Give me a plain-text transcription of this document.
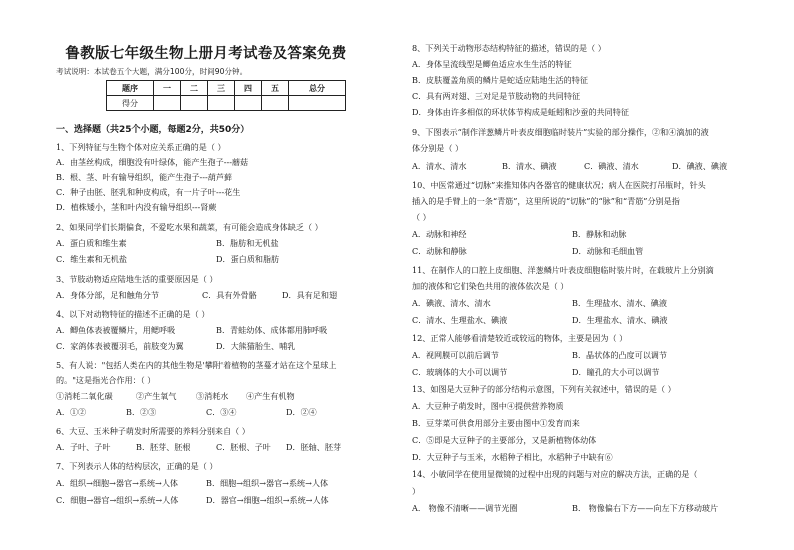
鲁教版七年级生物上册月考试卷及答案免费
考试说明：本试卷五个大题，满分100分，时间90分钟。
题序	一	二	三	四	五	总分
得分						
一、选择题（共25个小题，每题2分，共50分）
1、下列特征与生物个体对应关系正确的是（ ）
A．由茎丝构成，细胞没有叶绿体，能产生孢子---蘑菇
B．根、茎、叶有输导组织，能产生孢子---葫芦藓
C．种子由胚、胚乳和种皮构成，有一片子叶---花生
D．植株矮小，茎和叶内没有输导组织---肾蕨
2、如果同学们长期偏食，不爱吃水果和蔬菜，有可能会造成身体缺乏（ ）
A．蛋白质和维生素	B．脂肪和无机盐
C．维生素和无机盐	D．蛋白质和脂肪
3、节肢动物适应陆地生活的重要原因是（ ）
A．身体分部，足和触角分节	C．具有外骨骼	D．具有足和翅
4、以下对动物特征的描述不正确的是（ ）
A．鲫鱼体表被覆鳞片，用鳃呼吸	B．青蛙幼体、成体都用肺呼吸
C．家鸽体表被覆羽毛，前肢变为翼	D．大熊猫胎生、哺乳
5、有人说："包括人类在内的其他生物是'攀附'着植物的茎蔓才站在这个星球上
的。"这是指光合作用：（ ）
①消耗二氧化碳	②产生氧气 ③消耗水 ④产生有机物
A．①②	B．②③	C．③④	D．②④
6、大豆、玉米种子萌发时所需要的养料分别来自（ ）
A．子叶、子叶	B．胚芽、胚根	C．胚根、子叶 D．胚轴、胚芽
7、下列表示人体的结构层次，正确的是（ ）
A．组织→细胞→器官→系统→人体	B．细胞→组织→器官→系统→人体
C．细胞→器官→组织→系统→人体	D．器官→细胞→组织→系统→人体
8、下列关于动物形态结构特征的描述，错误的是（ ）
A．身体呈流线型是鲫鱼适应水生生活的特征
B．皮肤覆盖角质的鳞片是蛇适应陆地生活的特征
C．具有两对翅、三对足是节肢动物的共同特征
D．身体由许多相似的环状体节构成是蚯蚓和沙蚕的共同特征
9、下图表示“制作洋葱鳞片叶表皮细胞临时装片”实验的部分操作，②和④滴加的液
体分别是（ ）
A．清水、清水	B．清水、碘液	C．碘液、清水	D．碘液、碘液
10、中医常通过“切脉”来推知体内各器官的健康状况；病人在医院打吊瓶时，针头
插入的是手臂上的一条“青筋”，这里所说的“切脉”的“脉”和“青筋”分别是指
（ ）
A．动脉和神经	B．静脉和动脉
C．动脉和静脉	D．动脉和毛细血管
11、在制作人的口腔上皮细胞、洋葱鳞片叶表皮细胞临时装片时，在载玻片上分别滴
加的液体和它们染色共用的液体依次是（ ）
A．碘液、清水、清水	B．生理盐水、清水、碘液
C．清水、生理盐水、碘液	D．生理盐水、清水、碘液
12、正常人能够看清楚较近或较远的物体，主要是因为（ ）
A．视网膜可以前后调节	B．晶状体的凸度可以调节
C．玻璃体的大小可以调节	D．瞳孔的大小可以调节
13、如图是大豆种子的部分结构示意图，下列有关叙述中，错误的是（ ）
A．大豆种子萌发时，图中④提供营养物质
B．豆芽菜可供食用部分主要由图中①发育而来
C．⑤即是大豆种子的主要部分，又是新植物体幼体
D．大豆种子与玉米，水稻种子相比，水稻种子中缺有⑥
14、小敏同学在使用显微镜的过程中出现的问题与对应的解决方法，正确的是（
）
A． 物像不清晰——调节光圈	B． 物像偏右下方——向左下方移动玻片
